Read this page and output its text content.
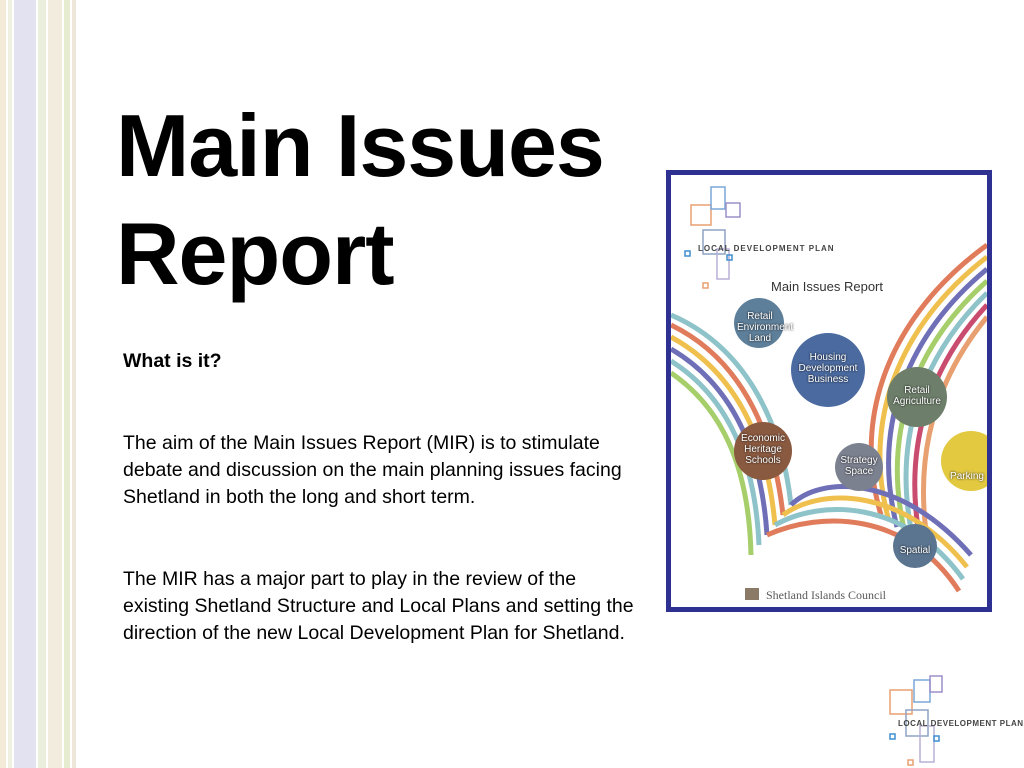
Main Issues
Report
What is it?

The aim of the Main Issues Report (MIR) is to stimulate debate and discussion on the main planning issues facing Shetland in both the long and short term.

The MIR has a major part to play in the review of the existing Shetland Structure and Local Plans and setting the direction of the new Local Development Plan for Shetland.

LOCAL DEVELOPMENT PLAN
Main Issues Report
Shetland Islands Council
Retail Environment Land
Housing Development Business
Retail Agriculture
Economic Heritage Schools	Strategy Space	Parking
Spatial
LOCAL DEVELOPMENT PLAN
